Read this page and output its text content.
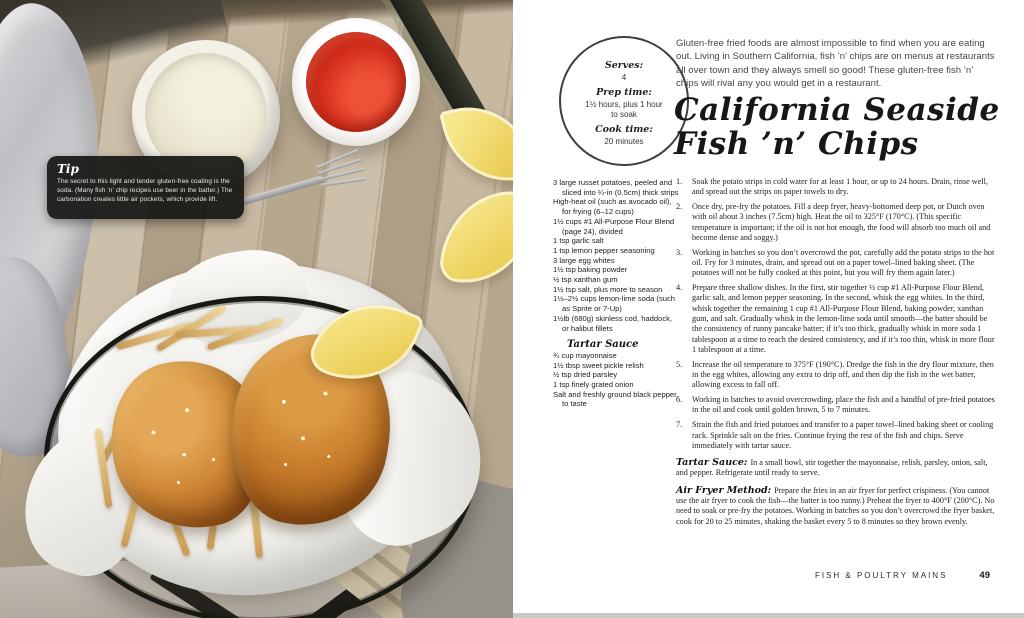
Tip
The secret to this light and tender gluten-free coating is the soda. (Many fish ’n’ chip recipes use beer in the batter.) The carbonation creates little air pockets, which provide lift.
Serves:
4
Prep time:
1½ hours, plus 1 hour to soak
Cook time:
20 minutes
Gluten-free fried foods are almost impossible to find when you are eating out. Living in Southern California, fish ’n’ chips are on menus at restaurants all over town and they always smell so good! These gluten-free fish ’n’ chips will rival any you would get in a restaurant.
California Seaside
Fish ’n’ Chips
3 large russet potatoes, peeled and sliced into ¼-in (0.5cm) thick strips
High-heat oil (such as avocado oil), for frying (6–12 cups)
1½ cups #1 All-Purpose Flour Blend (page 24), divided
1 tsp garlic salt
1 tsp lemon pepper seasoning
3 large egg whites
1½ tsp baking powder
½ tsp xanthan gum
1½ tsp salt, plus more to season
1½–2½ cups lemon-lime soda (such as Sprite or 7-Up)
1½lb (680g) skinless cod, haddock, or halibut fillets
Tartar Sauce
¾ cup mayonnaise
1½ tbsp sweet pickle relish
½ tsp dried parsley
1 tsp finely grated onion
Salt and freshly ground black pepper, to taste
1.	Soak the potato strips in cold water for at least 1 hour, or up to 24 hours. Drain, rinse well, and spread out the strips on paper towels to dry.
2.	Once dry, pre-fry the potatoes. Fill a deep fryer, heavy-bottomed deep pot, or Dutch oven with oil about 3 inches (7.5cm) high. Heat the oil to 325°F (170°C). (This specific temperature is important; if the oil is not hot enough, the food will absorb too much oil and become dense and soggy.)
3.	Working in batches so you don’t overcrowd the pot, carefully add the potato strips to the hot oil. Fry for 3 minutes, drain, and spread out on a paper towel–lined baking sheet. (The potatoes will not be fully cooked at this point, but you will fry them again later.)
4.	Prepare three shallow dishes. In the first, stir together ½ cup #1 All-Purpose Flour Blend, garlic salt, and lemon pepper seasoning. In the second, whisk the egg whites. In the third, whisk together the remaining 1 cup #1 All-Purpose Flour Blend, baking powder, xanthan gum, and salt. Gradually whisk in the lemon-lime soda until smooth—the batter should be the consistency of runny pancake batter; if it’s too thick, gradually whisk in more soda 1 tablespoon at a time to reach the desired consistency, and if it’s too thin, whisk in more flour 1 tablespoon at a time.
5.	Increase the oil temperature to 375°F (190°C). Dredge the fish in the dry flour mixture, then in the egg whites, allowing any extra to drip off, and then dip the fish in the wet batter, allowing excess to fall off.
6.	Working in batches to avoid overcrowding, place the fish and a handful of pre-fried potatoes in the oil and cook until golden brown, 5 to 7 minutes.
7.	Strain the fish and fried potatoes and transfer to a paper towel–lined baking sheet or cooling rack. Sprinkle salt on the fries. Continue frying the rest of the fish and chips. Serve immediately with tartar sauce.
Tartar Sauce: In a small bowl, stir together the mayonnaise, relish, parsley, onion, salt, and pepper. Refrigerate until ready to serve.
Air Fryer Method: Prepare the fries in an air fryer for perfect crispiness. (You cannot use the air fryer to cook the fish—the batter is too runny.) Preheat the fryer to 400°F (200°C). No need to soak or pre-fry the potatoes. Working in batches so you don’t overcrowd the fryer basket, cook for 20 to 25 minutes, shaking the basket every 5 to 8 minutes so they brown evenly.
FISH & POULTRY MAINS	49
